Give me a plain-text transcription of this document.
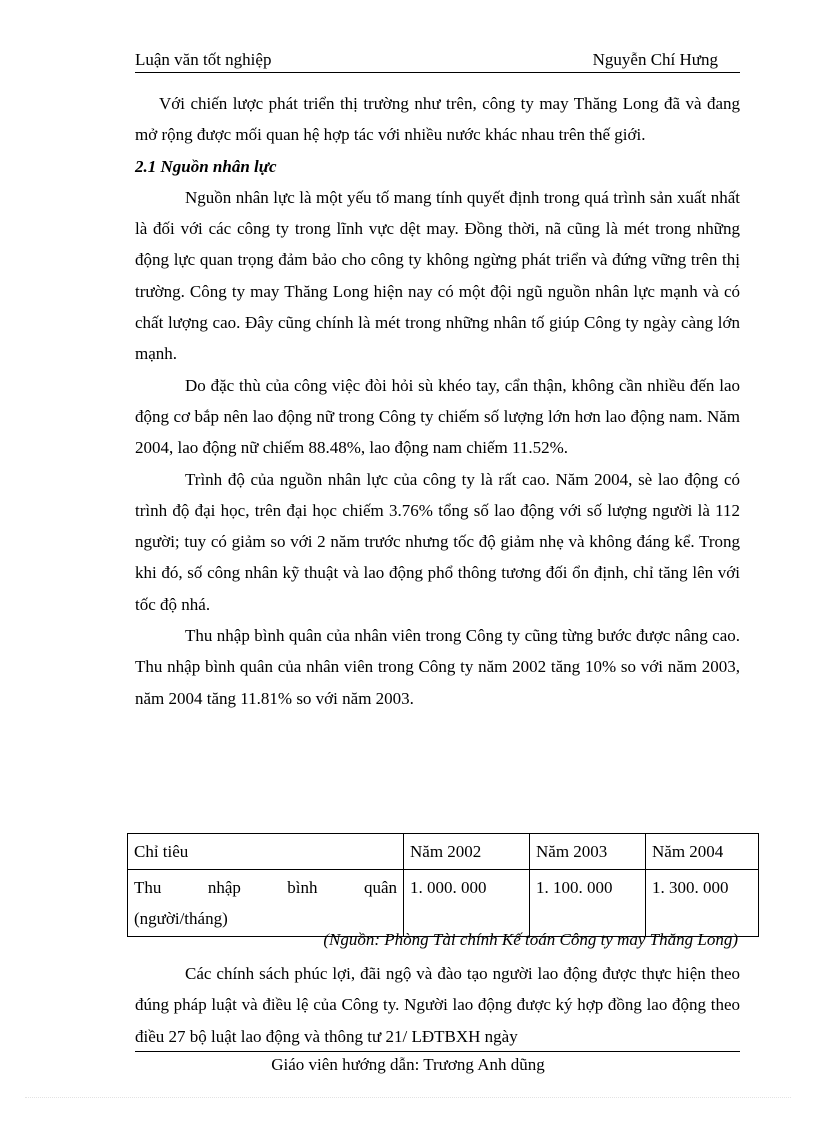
Luận văn tốt nghiệp	Nguyễn Chí Hưng

Với chiến lược phát triển thị trường như trên, công ty may Thăng Long đã và đang mở rộng được mối quan hệ hợp tác với nhiều nước khác nhau trên thế giới.

2.1 Nguồn nhân lực

Nguồn nhân lực là một yếu tố mang tính quyết định trong quá trình sản xuất nhất là đối với các công ty trong lĩnh vực dệt may. Đồng thời, nã cũng là mét trong những động lực quan trọng đảm bảo cho công ty không ngừng phát triển và đứng vững trên thị trường. Công ty may Thăng Long hiện nay có một đội ngũ nguồn nhân lực mạnh và có chất lượng cao. Đây cũng chính là mét trong những nhân tố giúp Công ty ngày càng lớn mạnh.

Do đặc thù của công việc đòi hỏi sù khéo tay, cẩn thận, không cần nhiều đến lao động cơ bắp nên lao động nữ trong Công ty chiếm số lượng lớn hơn lao động nam. Năm 2004, lao động nữ chiếm 88.48%, lao động nam chiếm 11.52%.

Trình độ của nguồn nhân lực của công ty là rất cao. Năm 2004, sè lao động có trình độ đại học, trên đại học chiếm 3.76% tổng số lao động với số lượng người là 112 người; tuy có giảm so với 2 năm trước nhưng tốc độ giảm nhẹ và không đáng kể. Trong khi đó, số công nhân kỹ thuật và lao động phổ thông tương đối ổn định, chỉ tăng lên với tốc độ nhá.

Thu nhập bình quân của nhân viên trong Công ty cũng từng bước được nâng cao. Thu nhập bình quân của nhân viên trong Công ty năm 2002 tăng 10% so với năm 2003, năm 2004 tăng 11.81% so với năm 2003.

Chỉ tiêu	Năm 2002	Năm 2003	Năm 2004

Thu nhập bình quân
(người/tháng)	1. 000. 000	1. 100. 000	1. 300. 000
(Nguồn: Phòng Tài chính Kế toán Công ty may Thăng Long)

Các chính sách phúc lợi, đãi ngộ và đào tạo người lao động được thực hiện theo đúng pháp luật và điều lệ của Công ty. Người lao động được ký hợp đồng lao động theo điều 27 bộ luật lao động và thông tư 21/ LĐTBXH ngày

Giáo viên hướng dẫn: Trương Anh dũng
